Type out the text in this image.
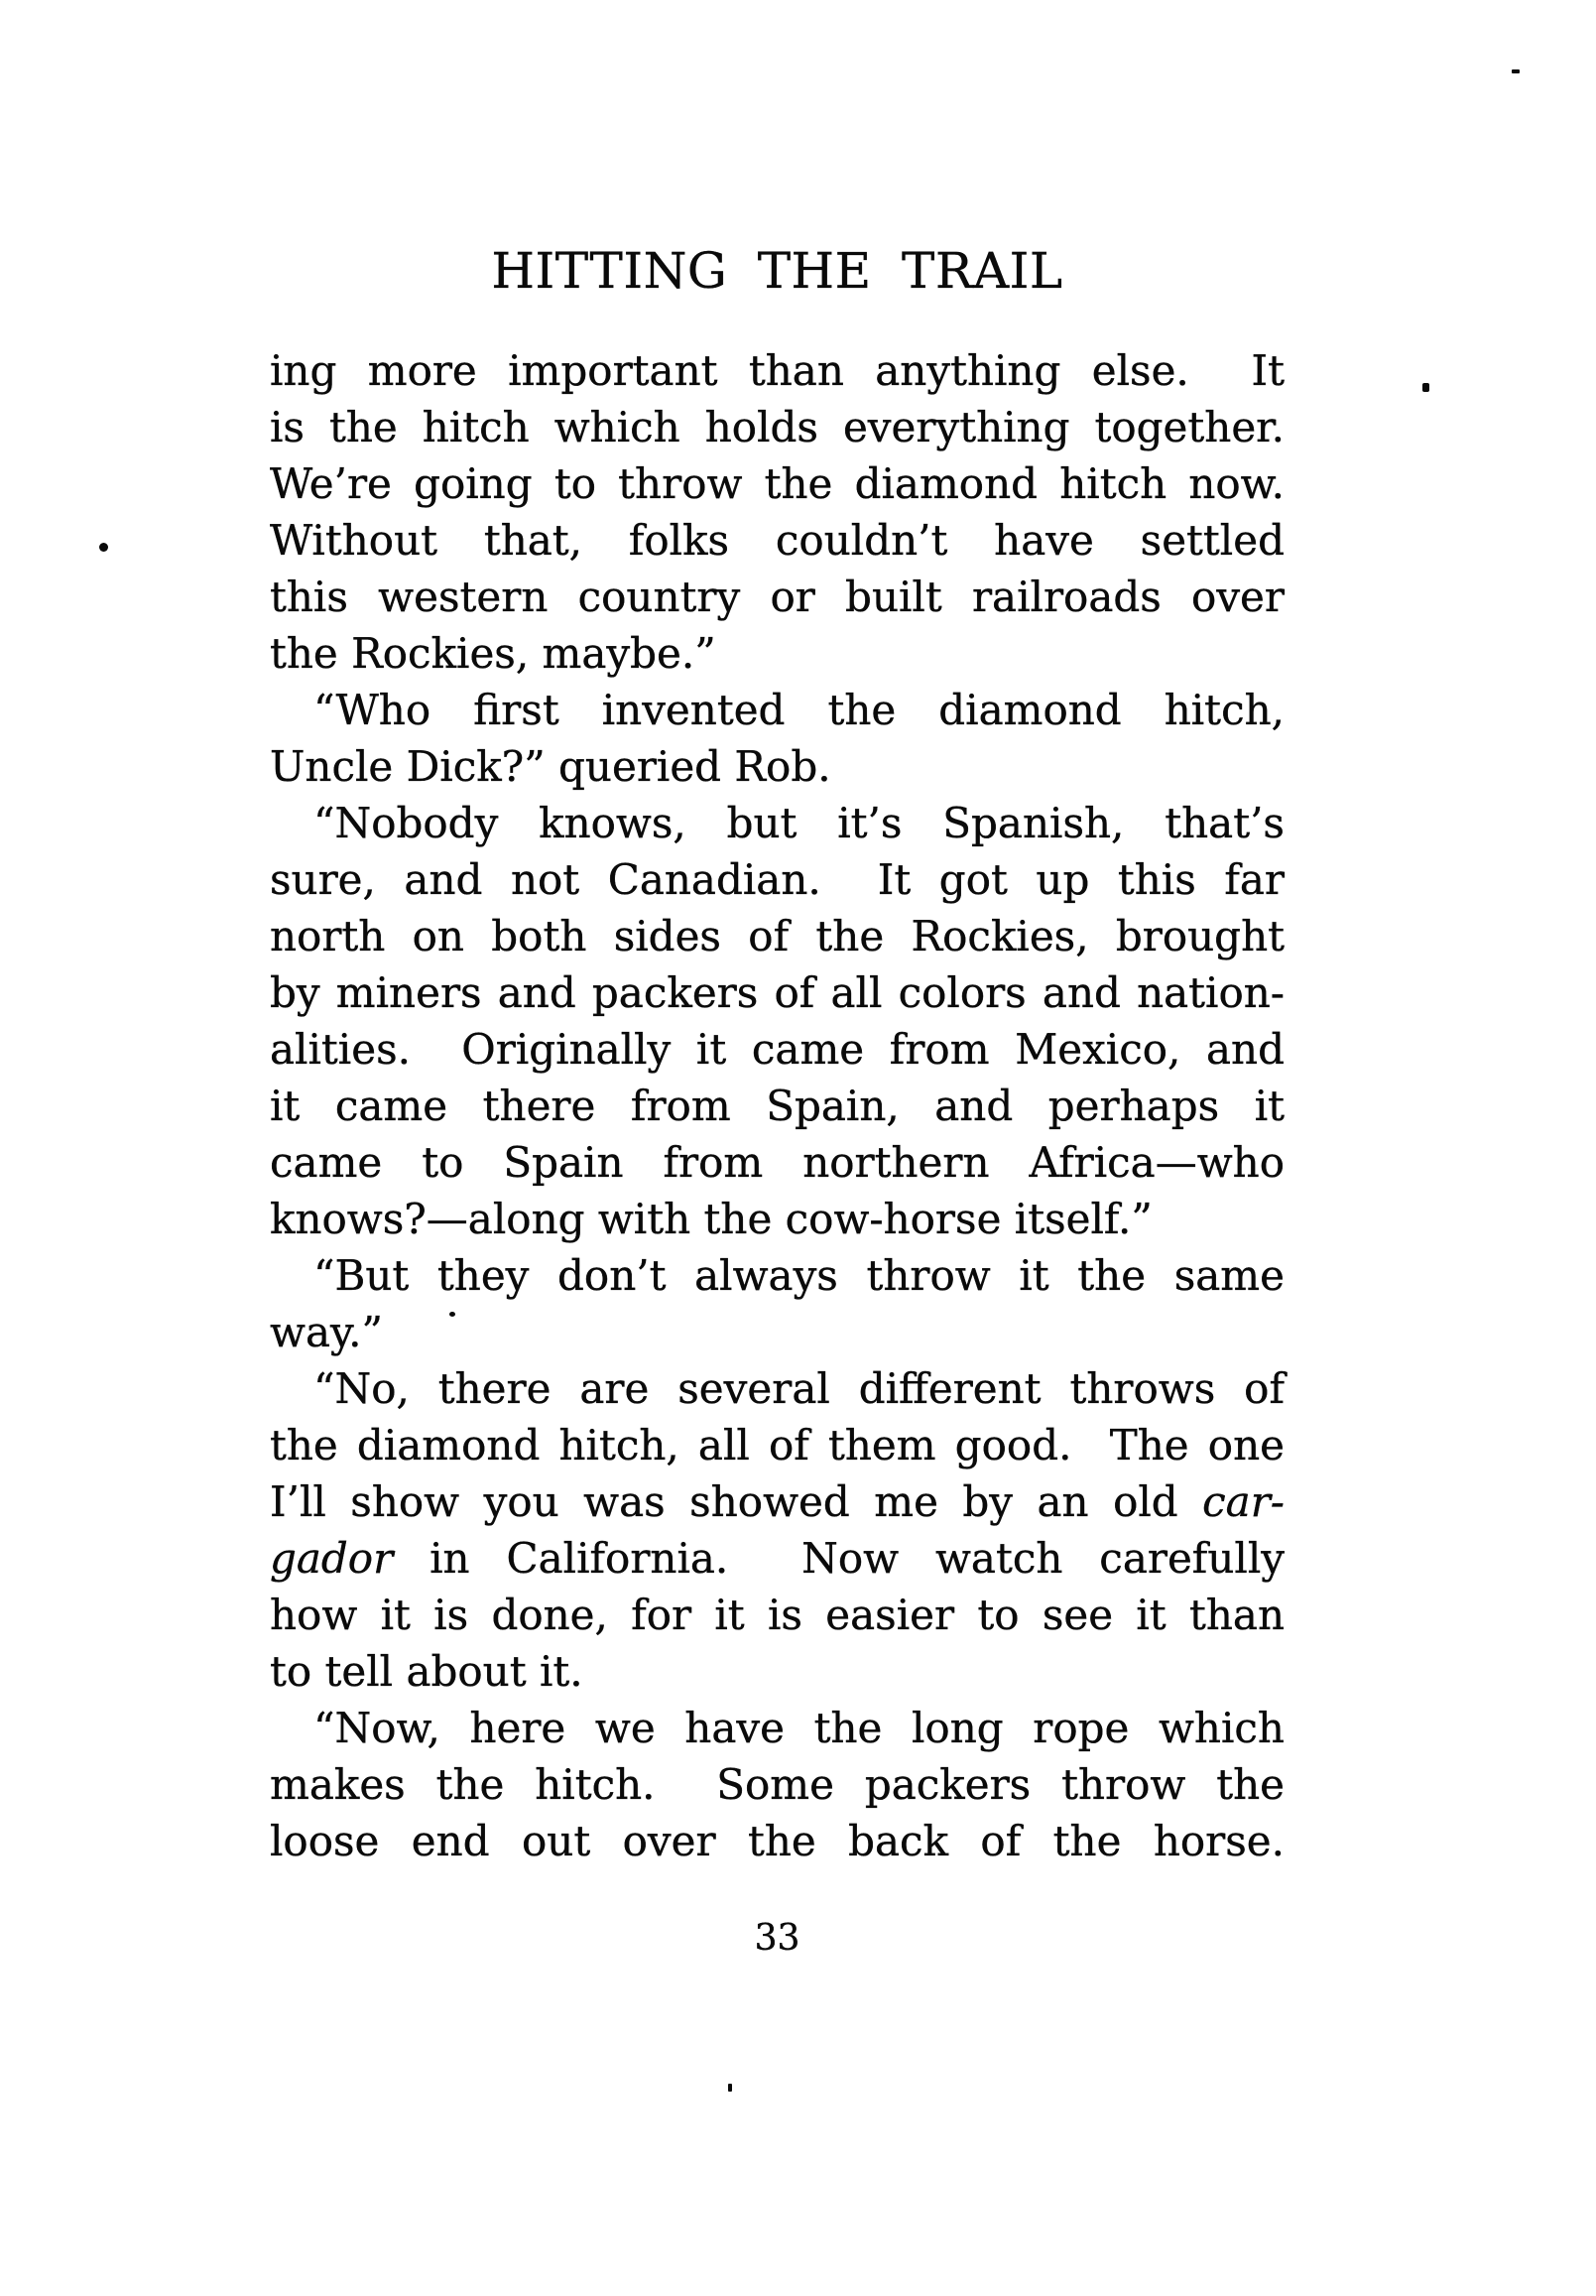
HITTING THE TRAIL
ing more important than anything else.  It
is the hitch which holds everything together.
We’re going to throw the diamond hitch now.
Without that, folks couldn’t have settled
this western country or built railroads over
the Rockies, maybe.”
“Who first invented the diamond hitch,
Uncle Dick?” queried Rob.
“Nobody knows, but it’s Spanish, that’s
sure, and not Canadian.  It got up this far
north on both sides of the Rockies, brought
by miners and packers of all colors and nation-
alities.  Originally it came from Mexico, and
it came there from Spain, and perhaps it
came to Spain from northern Africa—who
knows?—along with the cow-horse itself.”
“But they don’t always throw it the same
way.”
“No, there are several different throws of
the diamond hitch, all of them good.  The one
I’ll show you was showed me by an old car-
gador in California.  Now watch carefully
how it is done, for it is easier to see it than
to tell about it.
“Now, here we have the long rope which
makes the hitch.  Some packers throw the
loose end out over the back of the horse.
33
